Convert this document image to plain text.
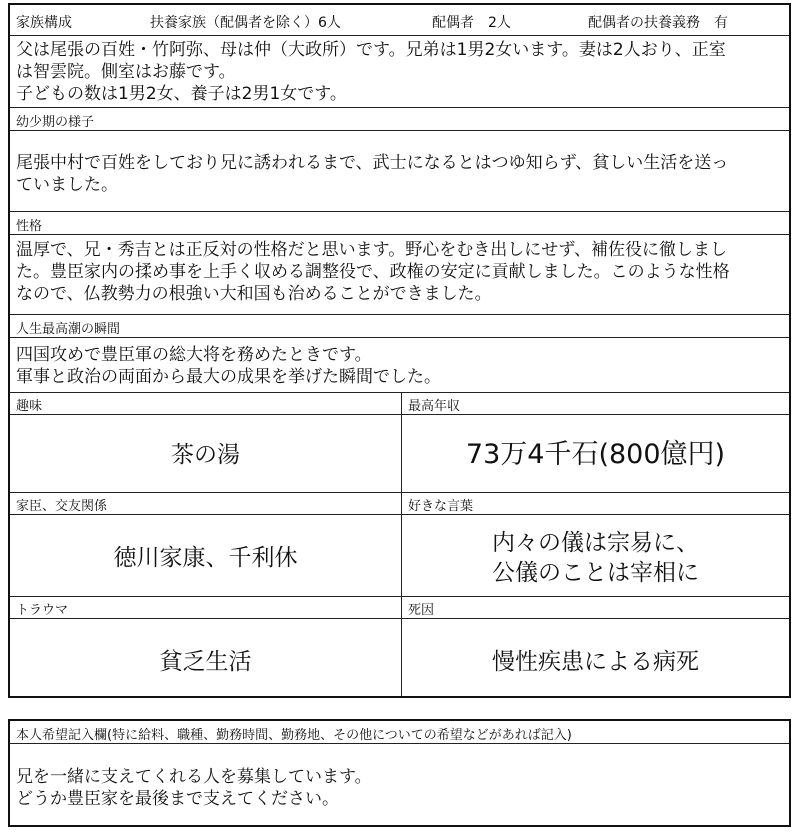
家族構成	扶養家族（配偶者を除く）6人	配偶者　2人	配偶者の扶養義務　有
父は尾張の百姓・竹阿弥、母は仲（大政所）です。兄弟は1男2女います。妻は2人おり、正室
は智雲院。側室はお藤です。
子どもの数は1男2女、養子は2男1女です。
幼少期の様子
尾張中村で百姓をしており兄に誘われるまで、武士になるとはつゆ知らず、貧しい生活を送っ
ていました。
性格
温厚で、兄・秀吉とは正反対の性格だと思います。野心をむき出しにせず、補佐役に徹しまし
た。豊臣家内の揉め事を上手く収める調整役で、政権の安定に貢献しました。このような性格
なので、仏教勢力の根強い大和国も治めることができました。
人生最高潮の瞬間
四国攻めで豊臣軍の総大将を務めたときです。
軍事と政治の両面から最大の成果を挙げた瞬間でした。
趣味
茶の湯
最高年収
73万4千石(800億円)
家臣、交友関係
徳川家康、千利休
好きな言葉
内々の儀は宗易に、
公儀のことは宰相に
トラウマ
貧乏生活
死因
慢性疾患による病死
本人希望記入欄(特に給料、職種、勤務時間、勤務地、その他についての希望などがあれば記入)
兄を一緒に支えてくれる人を募集しています。
どうか豊臣家を最後まで支えてください。
